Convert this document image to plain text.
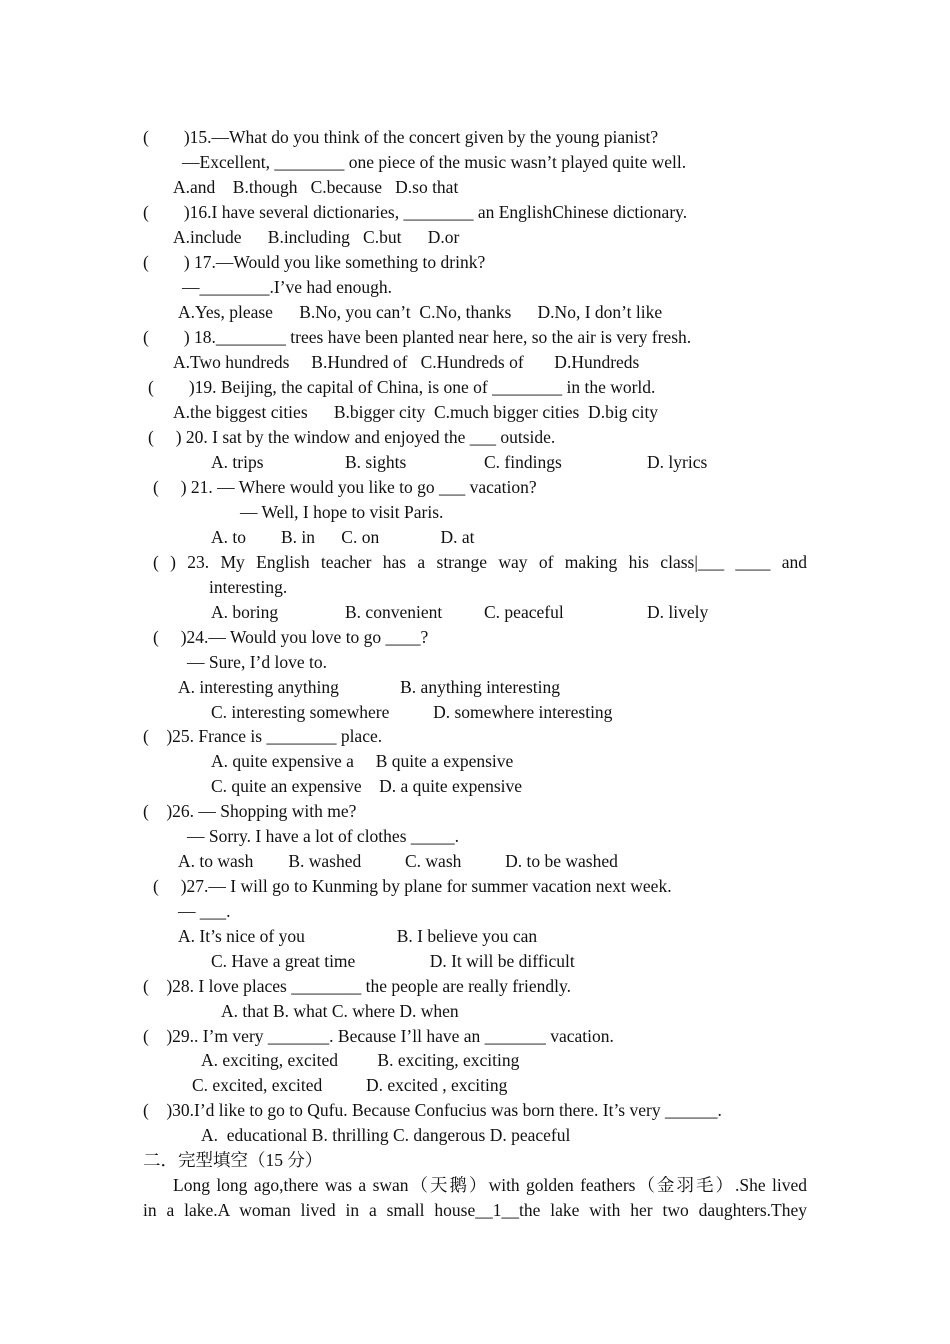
(        )15.—What do you think of the concert given by the young pianist?
—Excellent, ________ one piece of the music wasn’t played quite well.
A.and    B.though   C.because   D.so that
(        )16.I have several dictionaries, ________ an EnglishChinese dictionary.
A.include      B.including   C.but      D.or
(        ) 17.—Would you like something to drink?
—________.I’ve had enough.
A.Yes, please      B.No, you can’t  C.No, thanks      D.No, I don’t like
(        ) 18.________ trees have been planted near here, so the air is very fresh.
A.Two hundreds     B.Hundred of   C.Hundreds of       D.Hundreds
(        )19. Beijing, the capital of China, is one of ________ in the world.
A.the biggest cities      B.bigger city  C.much bigger cities  D.big city
(     ) 20. I sat by the window and enjoyed the ___ outside.
A. trips	B. sights	C. findings	D. lyrics
(     ) 21. — Where would you like to go ___ vacation?
— Well, I hope to visit Paris.
A. to        B. in      C. on              D. at
( ) 23. My English teacher has a strange way of making his class|___ ____ and
interesting.
A. boring	B. convenient C. peaceful	D. lively
(     )24.— Would you love to go ____?
— Sure, I’d love to.
A. interesting anything              B. anything interesting
C. interesting somewhere          D. somewhere interesting
(    )25. France is ________ place.
A. quite expensive a     B quite a expensive
C. quite an expensive    D. a quite expensive
(    )26. — Shopping with me?
— Sorry. I have a lot of clothes _____.
A. to wash        B. washed          C. wash          D. to be washed
(     )27.— I will go to Kunming by plane for summer vacation next week.
— ___.
A. It’s nice of you                     B. I believe you can
C. Have a great time                 D. It will be difficult
(    )28. I love places ________ the people are really friendly.
A. that B. what C. where D. when
(    )29.. I’m very _______. Because I’ll have an _______ vacation.
A. exciting, excited         B. exciting, exciting
C. excited, excited          D. excited , exciting
(    )30.I’d like to go to Qufu. Because Confucius was born there. It’s very ______.
A.  educational B. thrilling C. dangerous D. peaceful
二．完型填空（15 分）
Long long ago,there was a swan（天鹅）with golden feathers（金羽毛）.She lived
in a lake.A woman lived in a small house__1__the lake with her two daughters.They
